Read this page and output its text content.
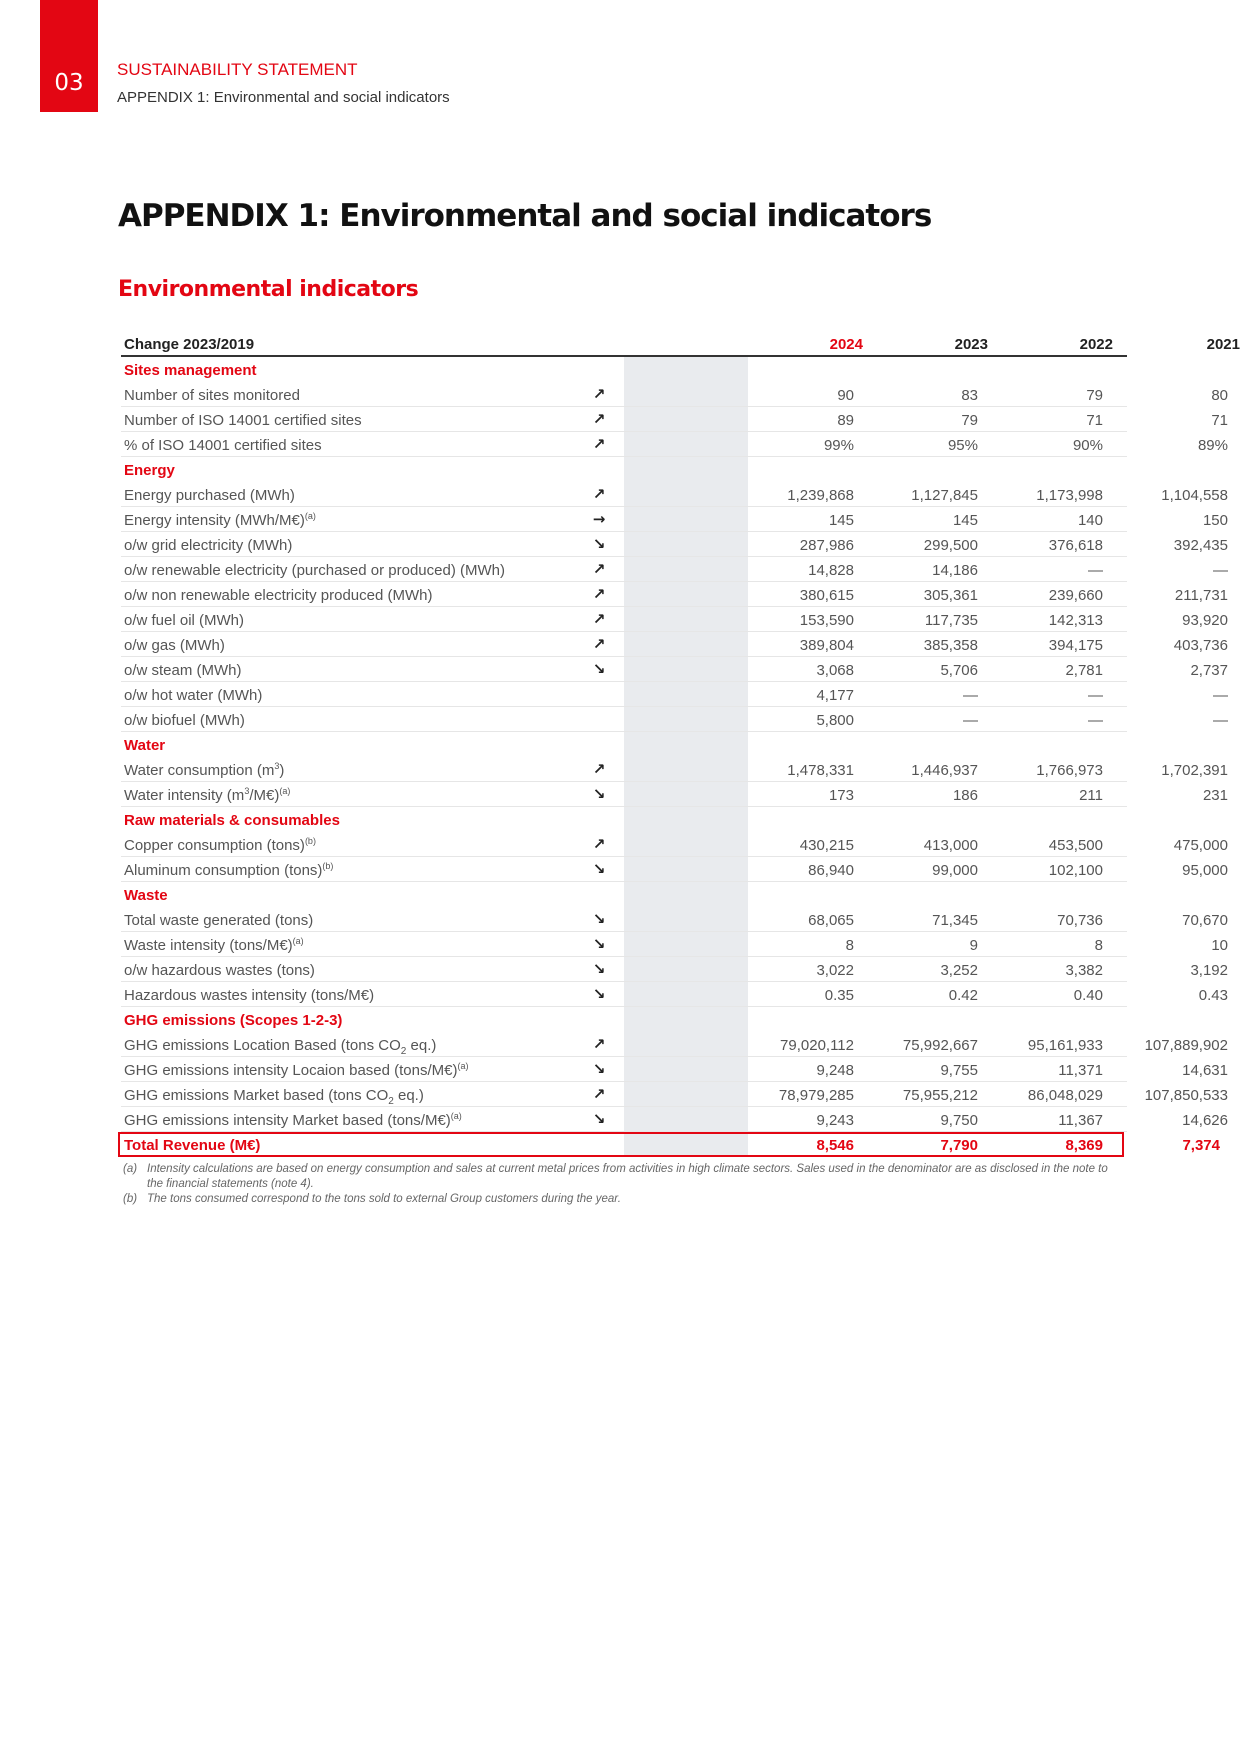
03
SUSTAINABILITY STATEMENT
APPENDIX 1: Environmental and social indicators
APPENDIX 1: Environmental and social indicators
Environmental indicators
Change 2023/2019	2024	2023	2022	2021
Sites management
Number of sites monitored	↗	90	83	79	80
Number of ISO 14001 certified sites	↗	89	79	71	71
% of ISO 14001 certified sites	↗	99%	95%	90%	89%
Energy
Energy purchased (MWh)	↗	1,239,868	1,127,845	1,173,998	1,104,558
Energy intensity (MWh/M€)$^{(a)}$	→	145	145	140	150
o/w grid electricity (MWh)	↘	287,986	299,500	376,618	392,435
o/w renewable electricity (purchased or produced) (MWh)	↗	14,828	14,186	—	—
o/w non renewable electricity produced (MWh)	↗	380,615	305,361	239,660	211,731
o/w fuel oil (MWh)	↗	153,590	117,735	142,313	93,920
o/w gas (MWh)	↗	389,804	385,358	394,175	403,736
o/w steam (MWh)	↘	3,068	5,706	2,781	2,737
o/w hot water (MWh)	4,177	—	—	—
o/w biofuel (MWh)	5,800	—	—	—
Water
Water consumption $(m^3)$	↗	1,478,331	1,446,937	1,766,973	1,702,391
Water intensity $(m^3/M€)^{(a)}$	↘	173	186	211	231
Raw materials & consumables
Copper consumption (tons)$^{(b)}$	↗	430,215	413,000	453,500	475,000
Aluminum consumption (tons)$^{(b)}$	↘	86,940	99,000	102,100	95,000
Waste
Total waste generated (tons)	↘	68,065	71,345	70,736	70,670
Waste intensity (tons/M€)$^{(a)}$	↘	8	9	8	10
o/w hazardous wastes (tons)	↘	3,022	3,252	3,382	3,192
Hazardous wastes intensity (tons/M€)	↘	0.35	0.42	0.40	0.43
GHG emissions (Scopes 1-2-3)
GHG emissions Location Based (tons $CO_2$ eq.)	↗	79,020,112	75,992,667	95,161,933	107,889,902
GHG emissions intensity Locaion based (tons/M€)$^{(a)}$	↘	9,248	9,755	11,371	14,631
GHG emissions Market based (tons $CO_2$ eq.)	↗	78,979,285	75,955,212	86,048,029	107,850,533
GHG emissions intensity Market based (tons/M€)$^{(a)}$	↘	9,243	9,750	11,367	14,626
Total Revenue (M€)	8,546	7,790	8,369	7,374
(a) Intensity calculations are based on energy consumption and sales at current metal prices from activities in high climate sectors. Sales used in the denominator are as disclosed in the note to the financial statements (note 4).
(b) The tons consumed correspond to the tons sold to external Group customers during the year.
